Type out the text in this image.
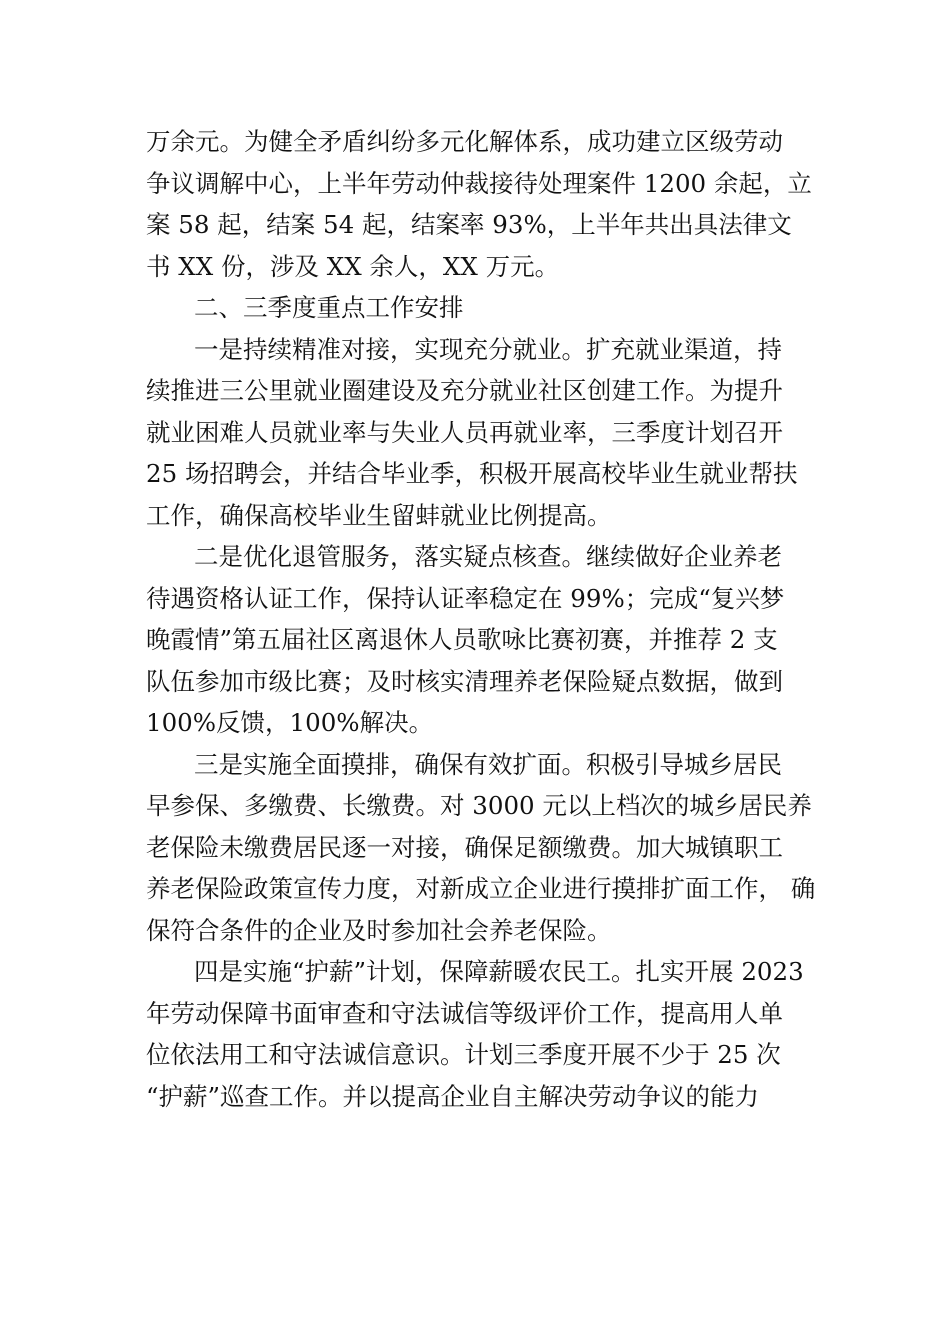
万余元。为健全矛盾纠纷多元化解体系，成功建立区级劳动
争议调解中心，上半年劳动仲裁接待处理案件 1200 余起，立
案 58 起，结案 54 起，结案率 93%，上半年共出具法律文
书 XX 份，涉及 XX 余人，XX 万元。

二、三季度重点工作安排

一是持续精准对接，实现充分就业。扩充就业渠道，持
续推进三公里就业圈建设及充分就业社区创建工作。为提升
就业困难人员就业率与失业人员再就业率，三季度计划召开
25 场招聘会，并结合毕业季，积极开展高校毕业生就业帮扶
工作，确保高校毕业生留蚌就业比例提高。

二是优化退管服务，落实疑点核查。继续做好企业养老
待遇资格认证工作，保持认证率稳定在 99%；完成“复兴梦
晚霞情”第五届社区离退休人员歌咏比赛初赛，并推荐 2 支
队伍参加市级比赛；及时核实清理养老保险疑点数据，做到
100%反馈，100%解决。

三是实施全面摸排，确保有效扩面。积极引导城乡居民
早参保、多缴费、长缴费。对 3000 元以上档次的城乡居民养
老保险未缴费居民逐一对接，确保足额缴费。加大城镇职工
养老保险政策宣传力度，对新成立企业进行摸排扩面工作， 确
保符合条件的企业及时参加社会养老保险。

四是实施“护薪”计划，保障薪暖农民工。扎实开展 2023
年劳动保障书面审查和守法诚信等级评价工作，提高用人单
位依法用工和守法诚信意识。计划三季度开展不少于 25 次
“护薪”巡查工作。并以提高企业自主解决劳动争议的能力
